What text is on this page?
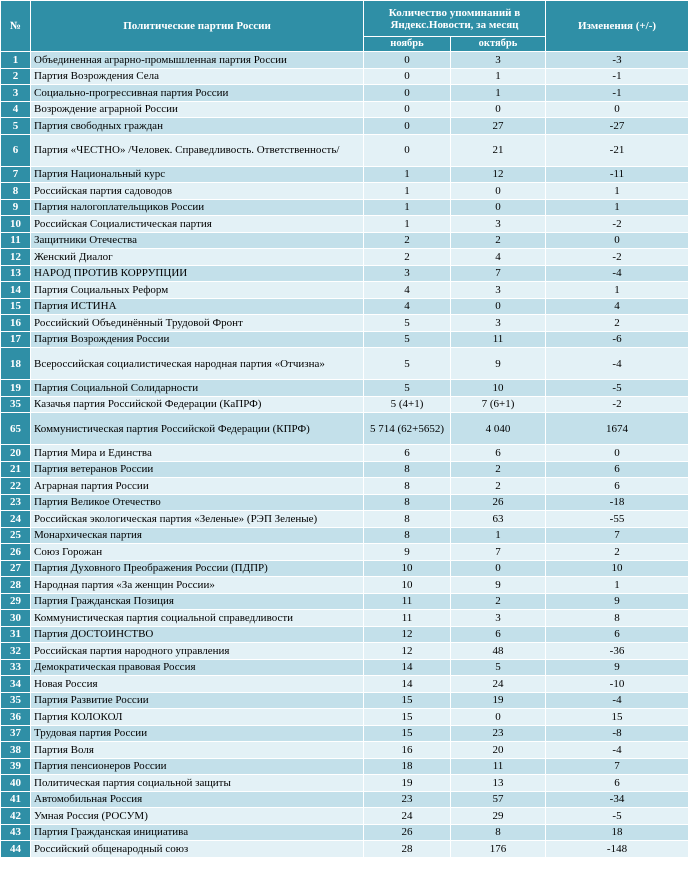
№	Политические партии России	Количество упоминаний в Яндекс.Новости, за месяц		Изменения (+/-)
		ноябрь	октябрь	
1	Объединенная аграрно-промышленная партия России	0	3	-3
2	Партия Возрождения Села	0	1	-1
3	Социально-прогрессивная партия России	0	1	-1
4	Возрождение аграрной России	0	0	0
5	Партия свободных граждан	0	27	-27
6	Партия «ЧЕСТНО» /Человек. Справедливость. Ответственность/	0	21	-21
7	Партия Национальный курс	1	12	-11
8	Российская партия садоводов	1	0	1
9	Партия налогоплательщиков России	1	0	1
10	Российская Социалистическая партия	1	3	-2
11	Защитники Отечества	2	2	0
12	Женский Диалог	2	4	-2
13	НАРОД ПРОТИВ КОРРУПЦИИ	3	7	-4
14	Партия Социальных Реформ	4	3	1
15	Партия ИСТИНА	4	0	4
16	Российский Объединённый Трудовой Фронт	5	3	2
17	Партия Возрождения России	5	11	-6
18	Всероссийская социалистическая народная партия «Отчизна»	5	9	-4
19	Партия Социальной Солидарности	5	10	-5
35	Казачья партия Российской Федерации (КаПРФ)	5 (4+1)	7 (6+1)	-2
65	Коммунистическая партия Российской Федерации (КПРФ)	5 714 (62+5652)	4 040	1674
20	Партия Мира и Единства	6	6	0
21	Партия ветеранов России	8	2	6
22	Аграрная партия России	8	2	6
23	Партия Великое Отечество	8	26	-18
24	Российская экологическая партия «Зеленые» (РЭП Зеленые)	8	63	-55
25	Монархическая партия	8	1	7
26	Союз Горожан	9	7	2
27	Партия Духовного Преображения России (ПДПР)	10	0	10
28	Народная партия «За женщин России»	10	9	1
29	Партия Гражданская Позиция	11	2	9
30	Коммунистическая партия социальной справедливости	11	3	8
31	Партия ДОСТОИНСТВО	12	6	6
32	Российская партия народного управления	12	48	-36
33	Демократическая правовая Россия	14	5	9
34	Новая Россия	14	24	-10
35	Партия Развитие России	15	19	-4
36	Партия КОЛОКОЛ	15	0	15
37	Трудовая партия России	15	23	-8
38	Партия Воля	16	20	-4
39	Партия пенсионеров России	18	11	7
40	Политическая партия социальной защиты	19	13	6
41	Автомобильная Россия	23	57	-34
42	Умная Россия (РОСУМ)	24	29	-5
43	Партия Гражданская инициатива	26	8	18
44	Российский общенародный союз	28	176	-148
